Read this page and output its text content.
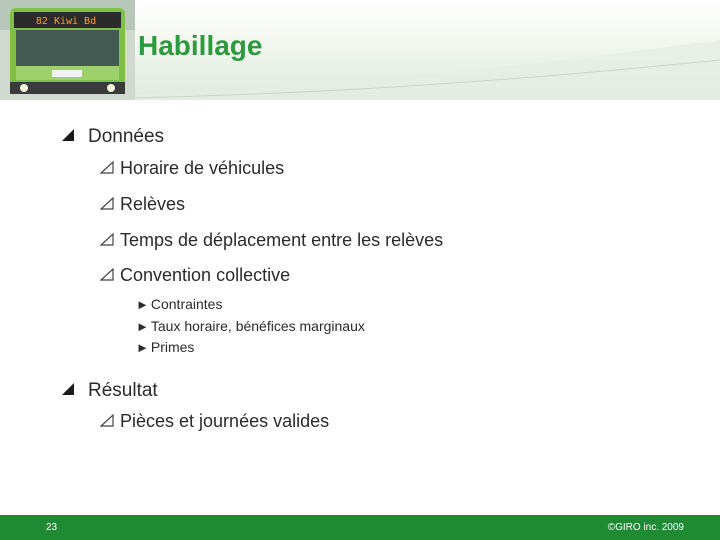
82 Kiwi Bd
Habillage
Données
Horaire de véhicules
Relèves
Temps de déplacement entre les relèves
Convention collective
► Contraintes
► Taux horaire, bénéfices marginaux
► Primes
Résultat
Pièces et journées valides
23	©GIRO inc. 2009
